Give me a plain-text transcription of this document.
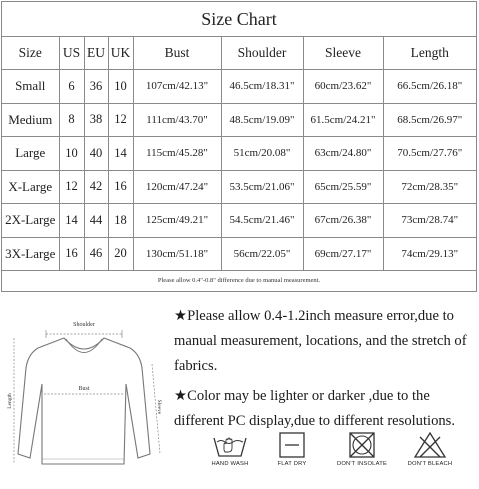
Size Chart
Size	US	EU	UK	Bust	Shoulder	Sleeve	Length
Small	6	36	10	107cm/42.13"	46.5cm/18.31"	60cm/23.62"	66.5cm/26.18"
Medium	8	38	12	111cm/43.70"	48.5cm/19.09"	61.5cm/24.21"	68.5cm/26.97"
Large	10	40	14	115cm/45.28"	51cm/20.08"	63cm/24.80"	70.5cm/27.76"
X-Large	12	42	16	120cm/47.24"	53.5cm/21.06"	65cm/25.59"	72cm/28.35"
2X-Large	14	44	18	125cm/49.21"	54.5cm/21.46"	67cm/26.38"	73cm/28.74"
3X-Large	16	46	20	130cm/51.18"	56cm/22.05"	69cm/27.17"	74cm/29.13"
Please allow 0.4"-0.8" difference due to manual measurement.
Shoulder
Bust
Length	Sleeve

★Please allow 0.4-1.2inch measure error,due to manual measurement, locations, and the stretch of fabrics.

★Color may be lighter or darker ,due to the different PC display,due to different resolutions.

HAND WASH	FLAT DRY	DON'T INSOLATE	DON'T BLEACH
